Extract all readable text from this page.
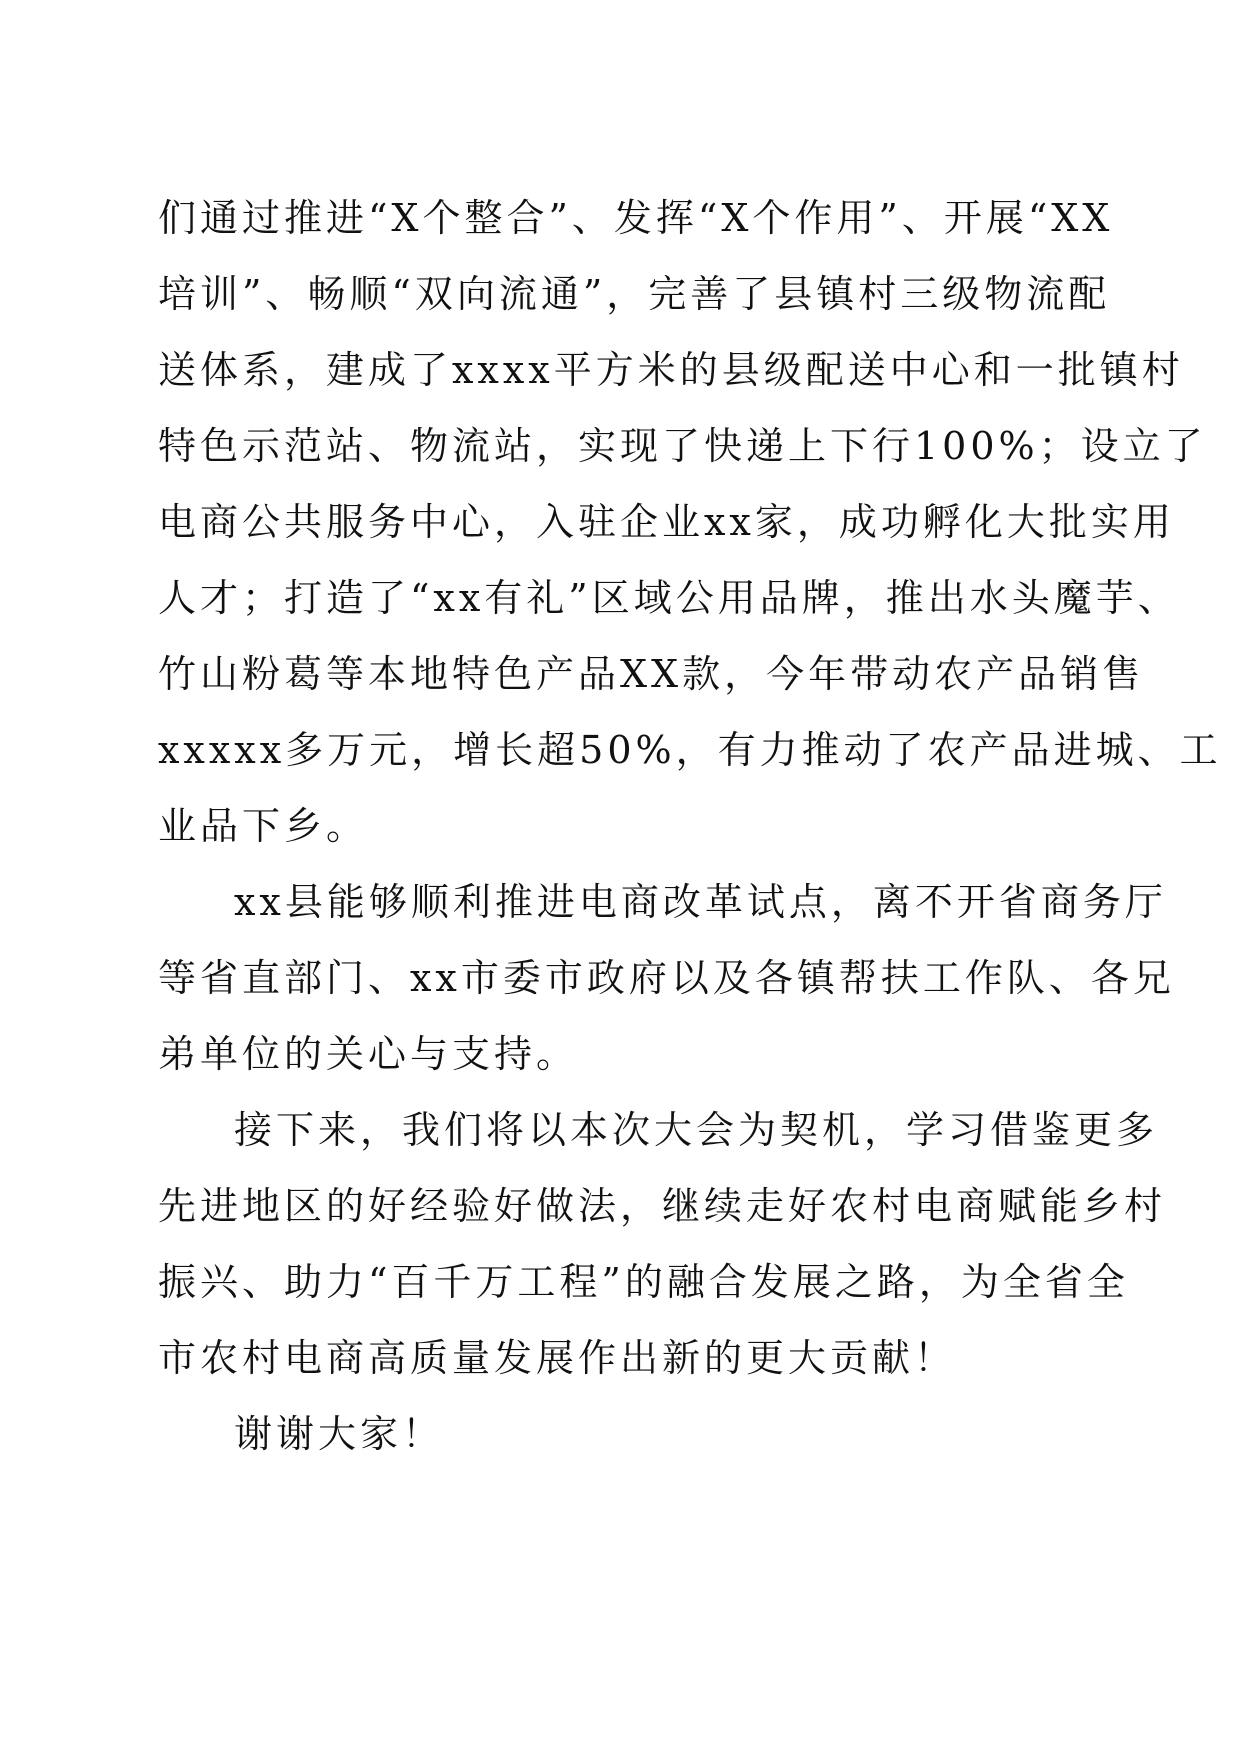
们通过推进“X个整合”、发挥“X个作用”、开展“XX
培训”、畅顺“双向流通”，完善了县镇村三级物流配
送体系，建成了xxxx平方米的县级配送中心和一批镇村
特色示范站、物流站，实现了快递上下行100%；设立了
电商公共服务中心，入驻企业xx家，成功孵化大批实用
人才；打造了“xx有礼”区域公用品牌，推出水头魔芋、
竹山粉葛等本地特色产品XX款，今年带动农产品销售
xxxxx多万元，增长超50%，有力推动了农产品进城、工
业品下乡。
xx县能够顺利推进电商改革试点，离不开省商务厅
等省直部门、xx市委市政府以及各镇帮扶工作队、各兄
弟单位的关心与支持。
接下来，我们将以本次大会为契机，学习借鉴更多
先进地区的好经验好做法，继续走好农村电商赋能乡村
振兴、助力“百千万工程”的融合发展之路，为全省全
市农村电商高质量发展作出新的更大贡献！
谢谢大家！
